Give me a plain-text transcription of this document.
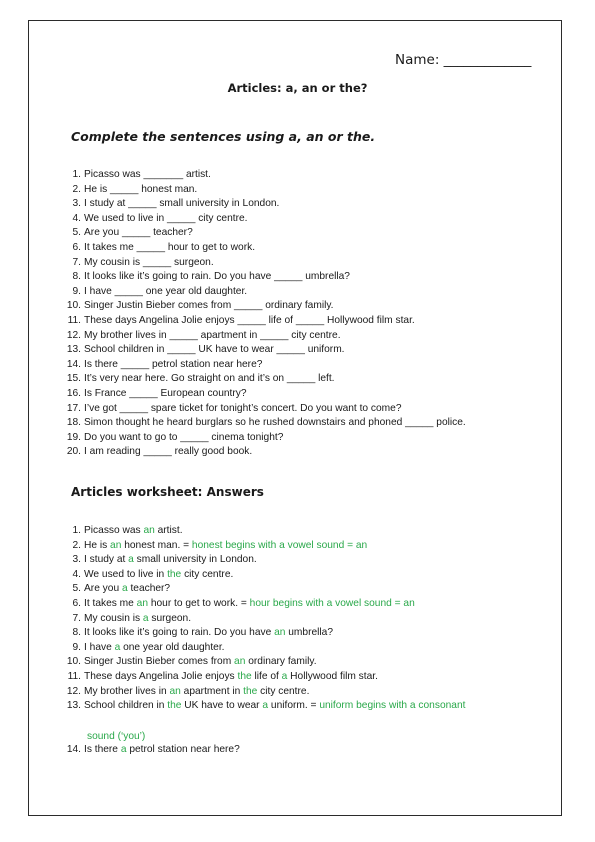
Name: _____________
Articles: a, an or the?
Complete the sentences using a, an or the.
1. Picasso was _______ artist.
2. He is _____ honest man.
3. I study at _____ small university in London.
4. We used to live in _____ city centre.
5. Are you _____ teacher?
6. It takes me _____ hour to get to work.
7. My cousin is _____ surgeon.
8. It looks like it’s going to rain. Do you have _____ umbrella?
9. I have _____ one year old daughter.
10. Singer Justin Bieber comes from _____ ordinary family.
11. These days Angelina Jolie enjoys _____ life of _____ Hollywood film star.
12. My brother lives in _____ apartment in _____ city centre.
13. School children in _____ UK have to wear _____ uniform.
14. Is there _____ petrol station near here?
15. It’s very near here. Go straight on and it’s on _____ left.
16. Is France _____ European country?
17. I’ve got _____ spare ticket for tonight’s concert. Do you want to come?
18. Simon thought he heard burglars so he rushed downstairs and phoned _____ police.
19. Do you want to go to _____ cinema tonight?
20. I am reading _____ really good book.
Articles worksheet: Answers
1. Picasso was an artist.
2. He is an honest man. = honest begins with a vowel sound = an
3. I study at a small university in London.
4. We used to live in the city centre.
5. Are you a teacher?
6. It takes me an hour to get to work. = hour begins with a vowel sound = an
7. My cousin is a surgeon.
8. It looks like it’s going to rain. Do you have an umbrella?
9. I have a one year old daughter.
10. Singer Justin Bieber comes from an ordinary family.
11. These days Angelina Jolie enjoys the life of a Hollywood film star.
12. My brother lives in an apartment in the city centre.
13. School children in the UK have to wear a uniform. = uniform begins with a consonant
14. Is there a petrol station near here?
sound (‘you’)
